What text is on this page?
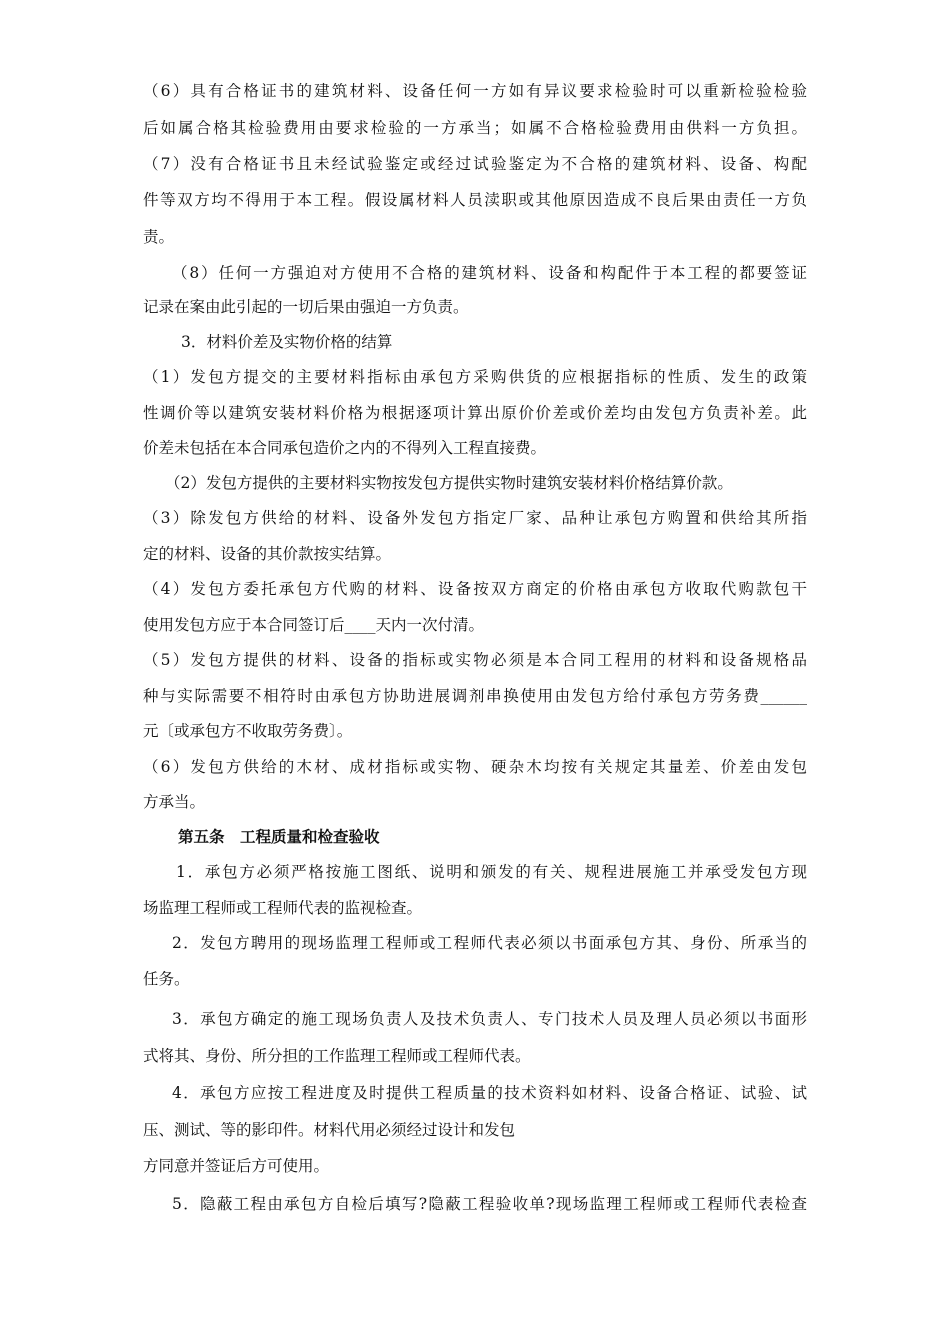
（6）具有合格证书的建筑材料、设备任何一方如有异议要求检验时可以重新检验检验
后如属合格其检验费用由要求检验的一方承当；如属不合格检验费用由供料一方负担。
（7）没有合格证书且未经试验鉴定或经过试验鉴定为不合格的建筑材料、设备、构配
件等双方均不得用于本工程。假设属材料人员渎职或其他原因造成不良后果由责任一方负
责。
（8）任何一方强迫对方使用不合格的建筑材料、设备和构配件于本工程的都要签证
记录在案由此引起的一切后果由强迫一方负责。
3．材料价差及实物价格的结算
（1）发包方提交的主要材料指标由承包方采购供货的应根据指标的性质、发生的政策
性调价等以建筑安装材料价格为根据逐项计算出原价价差或价差均由发包方负责补差。此
价差未包括在本合同承包造价之内的不得列入工程直接费。
（2）发包方提供的主要材料实物按发包方提供实物时建筑安装材料价格结算价款。
（3）除发包方供给的材料、设备外发包方指定厂家、品种让承包方购置和供给其所指
定的材料、设备的其价款按实结算。
（4）发包方委托承包方代购的材料、设备按双方商定的价格由承包方收取代购款包干
使用发包方应于本合同签订后____天内一次付清。
（5）发包方提供的材料、设备的指标或实物必须是本合同工程用的材料和设备规格品
种与实际需要不相符时由承包方协助进展调剂串换使用由发包方给付承包方劳务费______
元〔或承包方不收取劳务费〕。
（6）发包方供给的木材、成材指标或实物、硬杂木均按有关规定其量差、价差由发包
方承当。
第五条　工程质量和检查验收
1．承包方必须严格按施工图纸、说明和颁发的有关、规程进展施工并承受发包方现
场监理工程师或工程师代表的监视检查。
2．发包方聘用的现场监理工程师或工程师代表必须以书面承包方其、身份、所承当的
任务。
3．承包方确定的施工现场负责人及技术负责人、专门技术人员及理人员必须以书面形
式将其、身份、所分担的工作监理工程师或工程师代表。
4．承包方应按工程进度及时提供工程质量的技术资料如材料、设备合格证、试验、试
压、测试、等的影印件。材料代用必须经过设计和发包
方同意并签证后方可使用。
5．隐蔽工程由承包方自检后填写?隐蔽工程验收单?现场监理工程师或工程师代表检查
